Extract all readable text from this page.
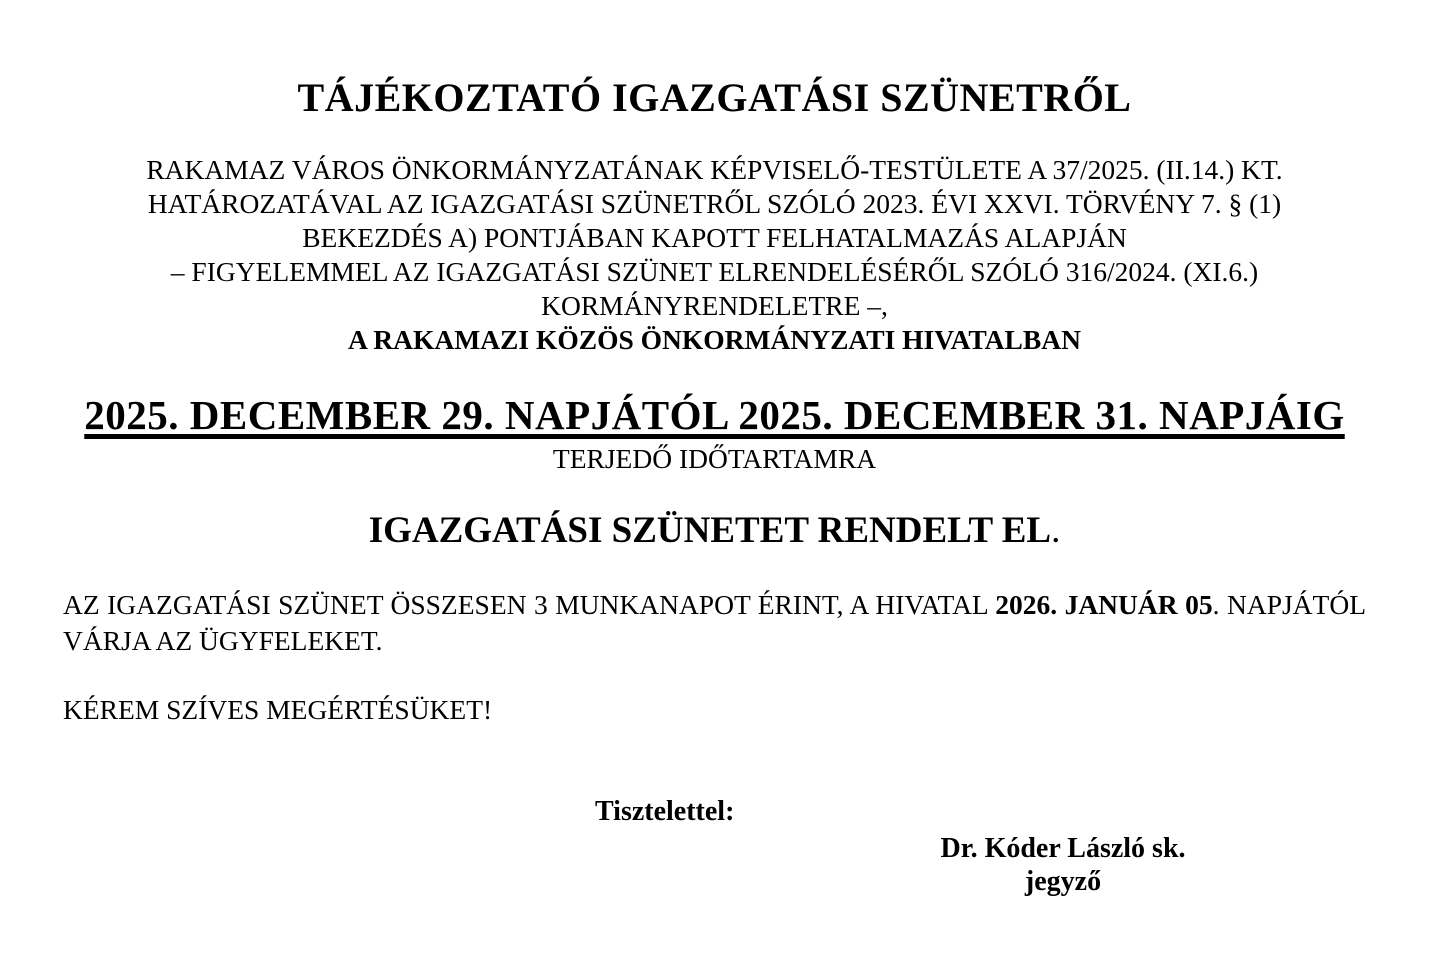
TÁJÉKOZTATÓ IGAZGATÁSI SZÜNETRŐL

RAKAMAZ VÁROS ÖNKORMÁNYZATÁNAK KÉPVISELŐ-TESTÜLETE A 37/2025. (II.14.) KT.
HATÁROZATÁVAL AZ IGAZGATÁSI SZÜNETRŐL SZÓLÓ 2023. ÉVI XXVI. TÖRVÉNY 7. § (1)
BEKEZDÉS A) PONTJÁBAN KAPOTT FELHATALMAZÁS ALAPJÁN
– FIGYELEMMEL AZ IGAZGATÁSI SZÜNET ELRENDELÉSÉRŐL SZÓLÓ 316/2024. (XI.6.)
KORMÁNYRENDELETRE –,
A RAKAMAZI KÖZÖS ÖNKORMÁNYZATI HIVATALBAN

2025. DECEMBER 29. NAPJÁTÓL 2025. DECEMBER 31. NAPJÁIG

TERJEDŐ IDŐTARTAMRA

IGAZGATÁSI SZÜNETET RENDELT EL.

AZ IGAZGATÁSI SZÜNET ÖSSZESEN 3 MUNKANAPOT ÉRINT, A HIVATAL 2026. JANUÁR 05. NAPJÁTÓL VÁRJA AZ ÜGYFELEKET.

KÉREM SZÍVES MEGÉRTÉSÜKET!

Tisztelettel:

Dr. Kóder László sk.
jegyző
